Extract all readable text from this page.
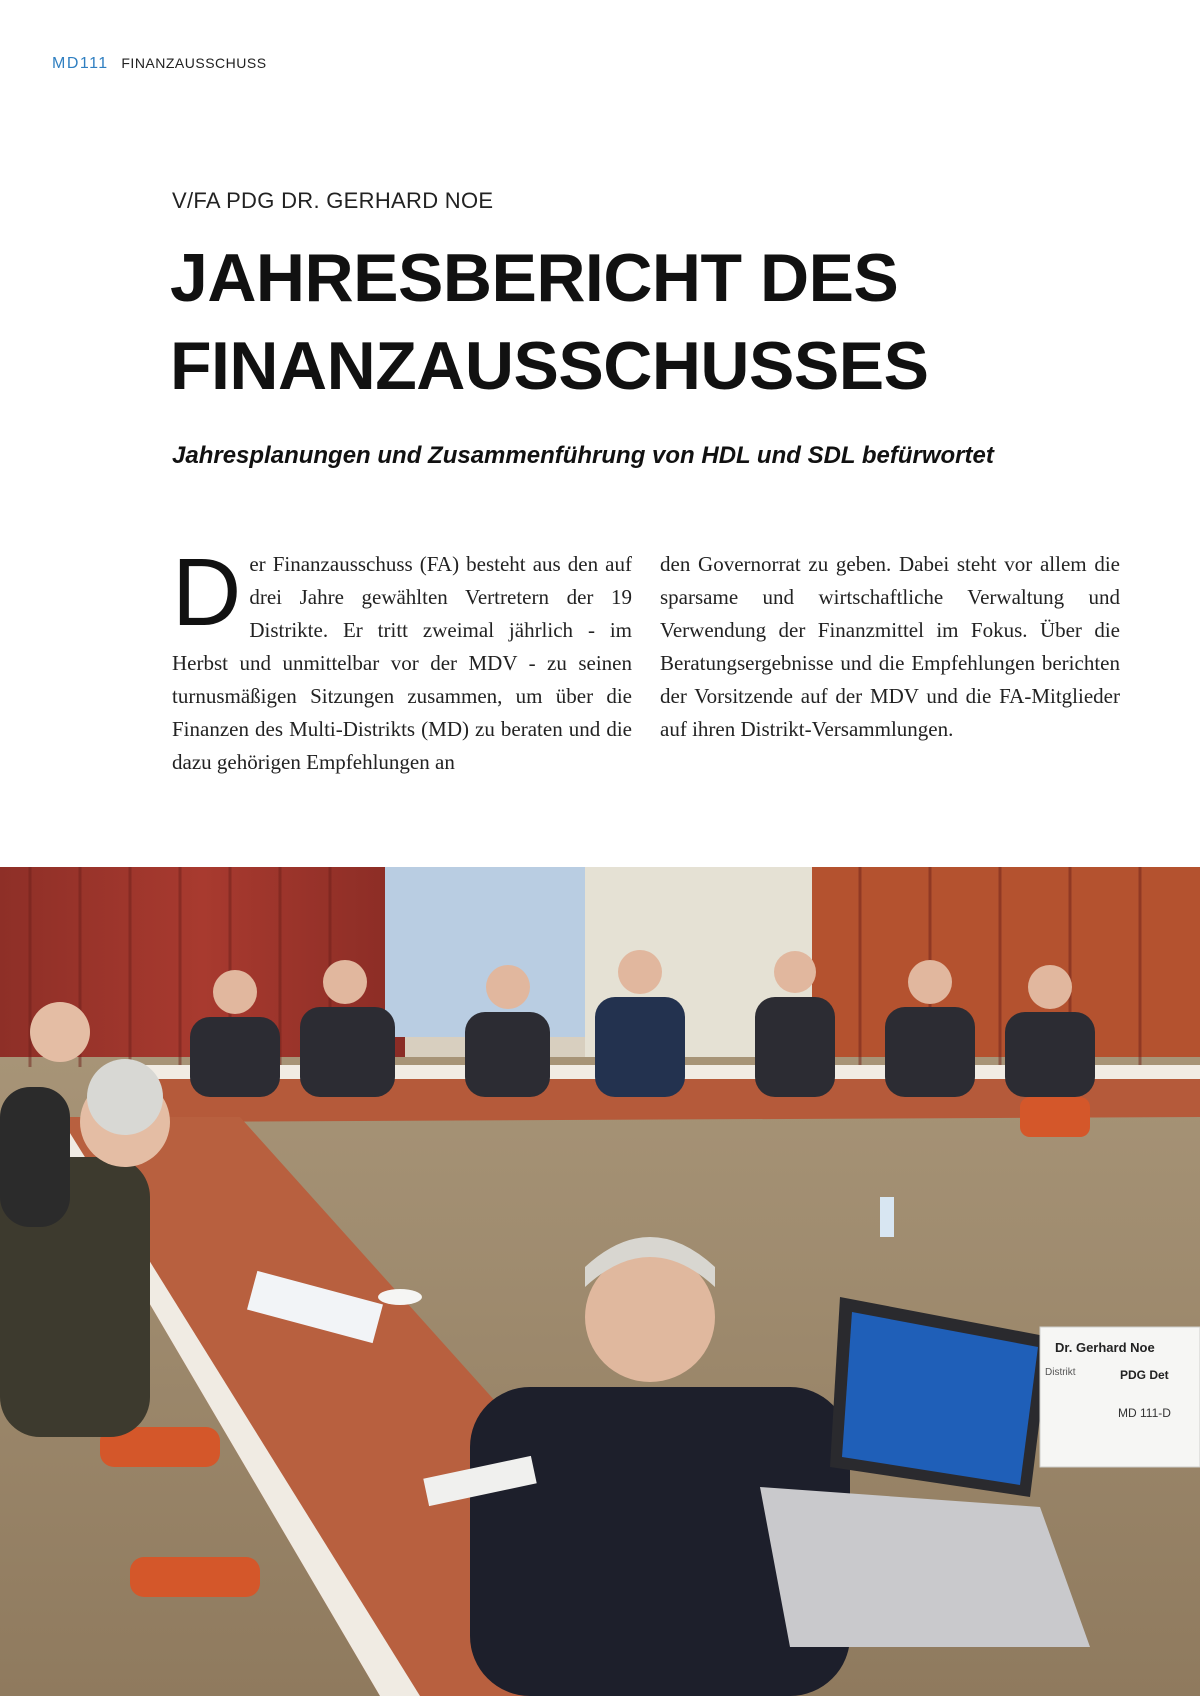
MD111 FINANZAUSSCHUSS
V/FA PDG DR. GERHARD NOE
JAHRESBERICHT DES
FINANZAUSSCHUSSES
Jahresplanungen und Zusammenführung von HDL und SDL befürwortet
Der Finanzausschuss (FA) besteht aus den auf drei Jahre gewählten Vertretern der 19 Distrikte. Er tritt zweimal jährlich - im Herbst und unmittelbar vor der MDV - zu seinen turnusmäßigen Sitzungen zusammen, um über die Finanzen des Multi-Distrikts (MD) zu beraten und die dazu gehörigen Empfehlungen an
den Governorrat zu geben. Dabei steht vor allem die sparsame und wirtschaftliche Verwaltung und Verwendung der Finanzmittel im Fokus. Über die Beratungsergebnisse und die Empfehlungen berichten der Vorsitzende auf der MDV und die FA-Mitglieder auf ihren Distrikt-Versammlungen.
Dr. Gerhard Noe
Distrikt	PDG Det
MD 111-D
